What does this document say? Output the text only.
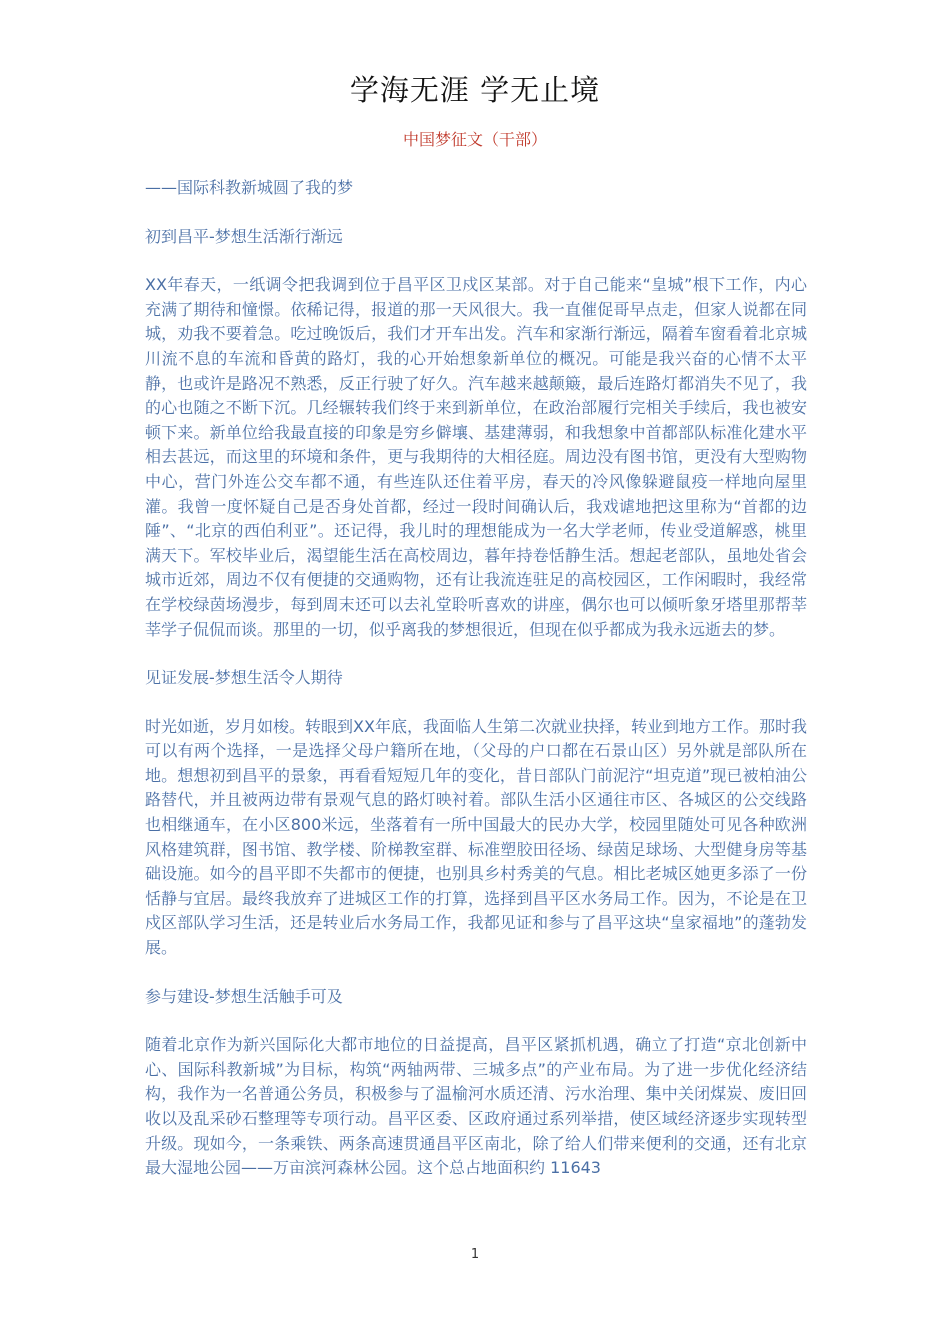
学海无涯 学无止境
中国梦征文（干部）

——国际科教新城圆了我的梦

初到昌平-梦想生活渐行渐远

XX年春天，一纸调令把我调到位于昌平区卫戍区某部。对于自己能来“皇城”根下工作，内心充满了期待和憧憬。依稀记得，报道的那一天风很大。我一直催促哥早点走，但家人说都在同城，劝我不要着急。吃过晚饭后，我们才开车出发。汽车和家渐行渐远，隔着车窗看着北京城川流不息的车流和昏黄的路灯，我的心开始想象新单位的概况。可能是我兴奋的心情不太平静，也或许是路况不熟悉，反正行驶了好久。汽车越来越颠簸，最后连路灯都消失不见了，我的心也随之不断下沉。几经辗转我们终于来到新单位，在政治部履行完相关手续后，我也被安顿下来。新单位给我最直接的印象是穷乡僻壤、基建薄弱，和我想象中首都部队标准化建水平相去甚远，而这里的环境和条件，更与我期待的大相径庭。周边没有图书馆，更没有大型购物中心，营门外连公交车都不通，有些连队还住着平房，春天的冷风像躲避鼠疫一样地向屋里灌。我曾一度怀疑自己是否身处首都，经过一段时间确认后，我戏谑地把这里称为“首都的边陲”、“北京的西伯利亚”。还记得，我儿时的理想能成为一名大学老师，传业受道解惑，桃里满天下。军校毕业后，渴望能生活在高校周边，暮年持卷恬静生活。想起老部队，虽地处省会城市近郊，周边不仅有便捷的交通购物，还有让我流连驻足的高校园区，工作闲暇时，我经常在学校绿茵场漫步，每到周末还可以去礼堂聆听喜欢的讲座，偶尔也可以倾听象牙塔里那帮莘莘学子侃侃而谈。那里的一切，似乎离我的梦想很近，但现在似乎都成为我永远逝去的梦。

见证发展-梦想生活令人期待

时光如逝，岁月如梭。转眼到XX年底，我面临人生第二次就业抉择，转业到地方工作。那时我可以有两个选择，一是选择父母户籍所在地，（父母的户口都在石景山区）另外就是部队所在地。想想初到昌平的景象，再看看短短几年的变化，昔日部队门前泥泞“坦克道”现已被柏油公路替代，并且被两边带有景观气息的路灯映衬着。部队生活小区通往市区、各城区的公交线路也相继通车，在小区800米远，坐落着有一所中国最大的民办大学，校园里随处可见各种欧洲风格建筑群，图书馆、教学楼、阶梯教室群、标准塑胶田径场、绿茵足球场、大型健身房等基础设施。如今的昌平即不失都市的便捷，也别具乡村秀美的气息。相比老城区她更多添了一份恬静与宜居。最终我放弃了进城区工作的打算，选择到昌平区水务局工作。因为，不论是在卫戍区部队学习生活，还是转业后水务局工作，我都见证和参与了昌平这块“皇家福地”的蓬勃发展。

参与建设-梦想生活触手可及

随着北京作为新兴国际化大都市地位的日益提高，昌平区紧抓机遇，确立了打造“京北创新中心、国际科教新城”为目标，构筑“两轴两带、三城多点”的产业布局。为了进一步优化经济结构，我作为一名普通公务员，积极参与了温榆河水质还清、污水治理、集中关闭煤炭、废旧回收以及乱采砂石整理等专项行动。昌平区委、区政府通过系列举措，使区域经济逐步实现转型升级。现如今，一条乘铁、两条高速贯通昌平区南北，除了给人们带来便利的交通，还有北京最大湿地公园——万亩滨河森林公园。这个总占地面积约 11643

1
